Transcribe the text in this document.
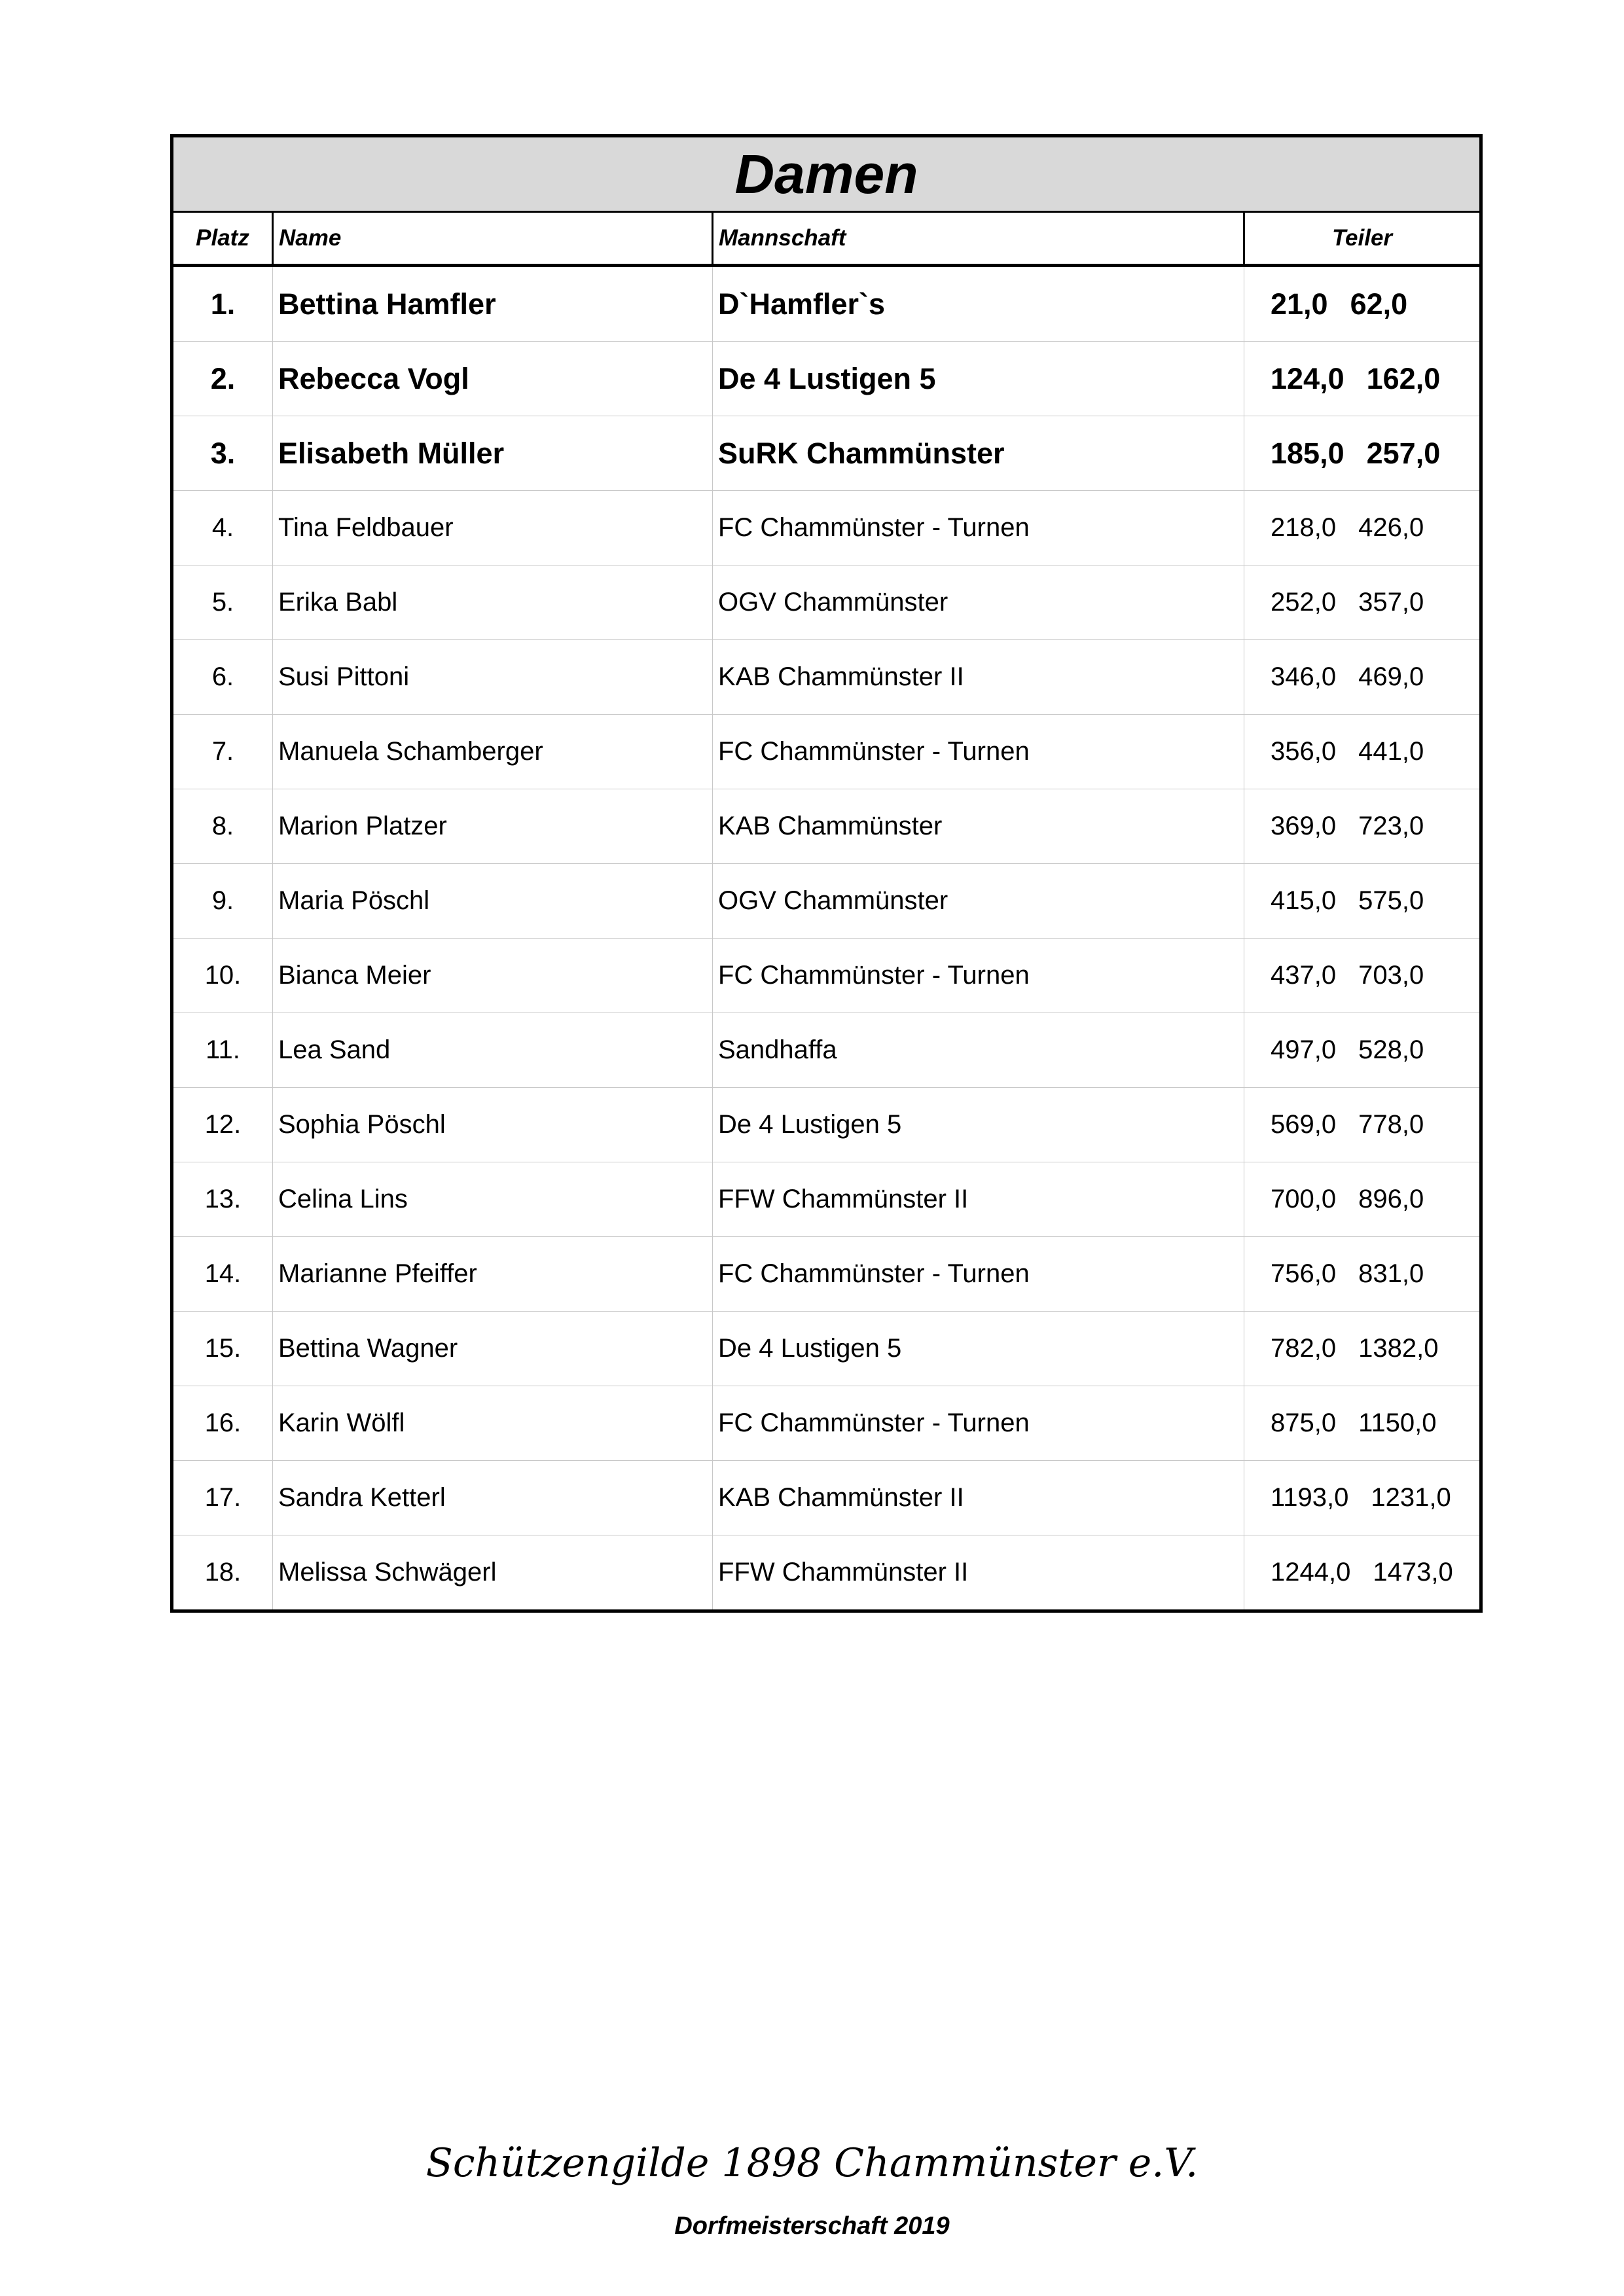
Damen			
Platz	Name	Mannschaft	Teiler
1.	Bettina Hamfler	D`Hamfler`s	21,0 62,0
2.	Rebecca Vogl	De 4 Lustigen 5	124,0 162,0
3.	Elisabeth Müller	SuRK Chammünster	185,0 257,0
4.	Tina Feldbauer	FC Chammünster - Turnen	218,0 426,0
5.	Erika Babl	OGV Chammünster	252,0 357,0
6.	Susi Pittoni	KAB Chammünster II	346,0 469,0
7.	Manuela Schamberger	FC Chammünster - Turnen	356,0 441,0
8.	Marion Platzer	KAB Chammünster	369,0 723,0
9.	Maria Pöschl	OGV Chammünster	415,0 575,0
10.	Bianca Meier	FC Chammünster - Turnen	437,0 703,0
11.	Lea Sand	Sandhaffa	497,0 528,0
12.	Sophia Pöschl	De 4 Lustigen 5	569,0 778,0
13.	Celina Lins	FFW Chammünster II	700,0 896,0
14.	Marianne Pfeiffer	FC Chammünster - Turnen	756,0 831,0
15.	Bettina Wagner	De 4 Lustigen 5	782,0 1382,0
16.	Karin Wölfl	FC Chammünster - Turnen	875,0 1150,0
17.	Sandra Ketterl	KAB Chammünster II	1193,0 1231,0
18.	Melissa Schwägerl	FFW Chammünster II	1244,0 1473,0
Schützengilde 1898 Chammünster e.V.
Dorfmeisterschaft 2019
